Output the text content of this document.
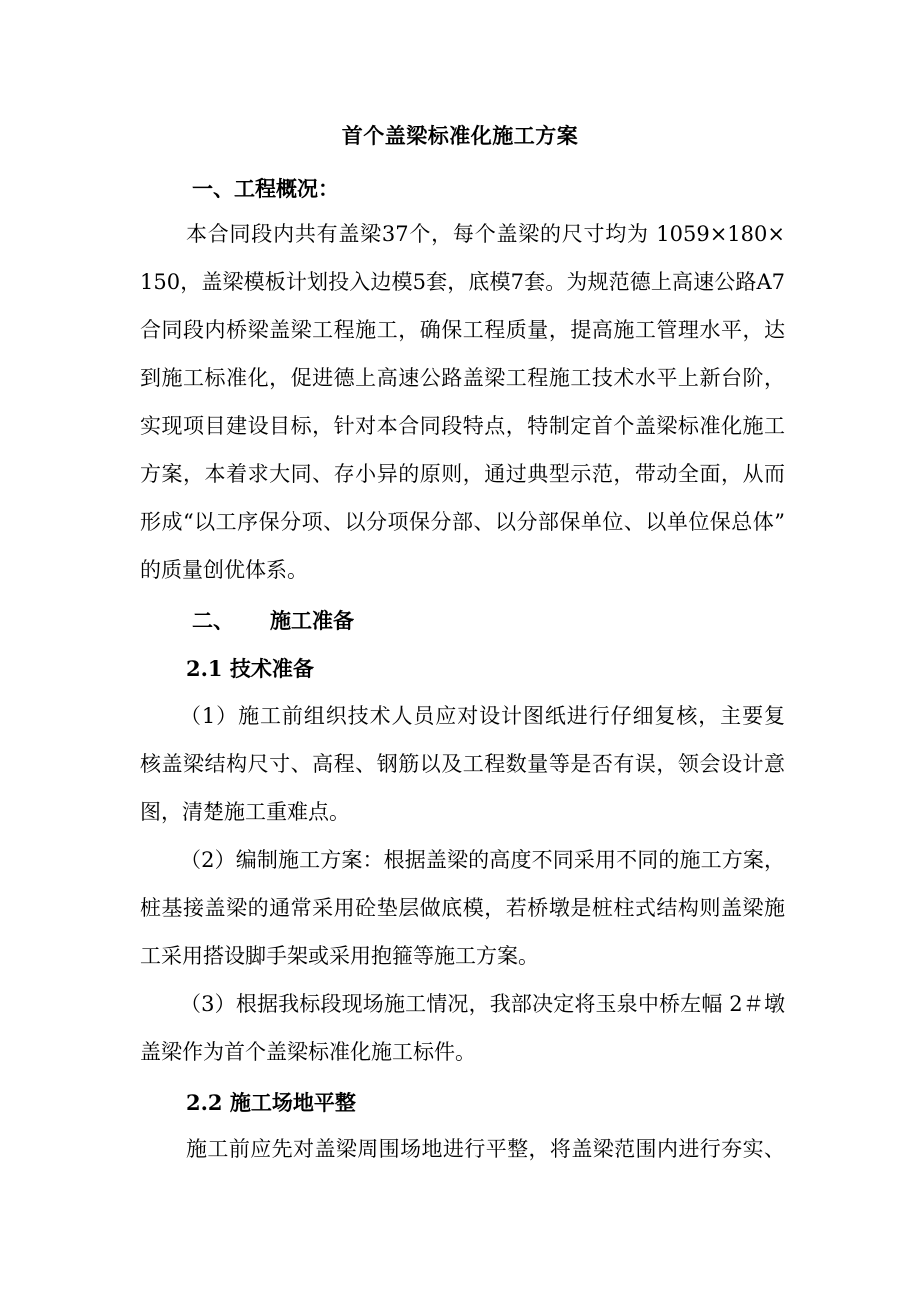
首个盖梁标准化施工方案
一、工程概况：
本合同段内共有盖梁37个，每个盖梁的尺寸均为 1059×180×
150，盖梁模板计划投入边模5套，底模7套。为规范德上高速公路A7
合同段内桥梁盖梁工程施工，确保工程质量，提高施工管理水平，达
到施工标准化，促进德上高速公路盖梁工程施工技术水平上新台阶，
实现项目建设目标，针对本合同段特点，特制定首个盖梁标准化施工
方案，本着求大同、存小异的原则，通过典型示范，带动全面，从而
形成“以工序保分项、以分项保分部、以分部保单位、以单位保总体”
的质量创优体系。
二、 施工准备
2.1 技术准备
（1）施工前组织技术人员应对设计图纸进行仔细复核，主要复
核盖梁结构尺寸、高程、钢筋以及工程数量等是否有误，领会设计意
图，清楚施工重难点。
（2）编制施工方案：根据盖梁的高度不同采用不同的施工方案，
桩基接盖梁的通常采用砼垫层做底模，若桥墩是桩柱式结构则盖梁施
工采用搭设脚手架或采用抱箍等施工方案。
（3）根据我标段现场施工情况，我部决定将玉泉中桥左幅 2＃墩
盖梁作为首个盖梁标准化施工标件。
2.2 施工场地平整
施工前应先对盖梁周围场地进行平整，将盖梁范围内进行夯实、
